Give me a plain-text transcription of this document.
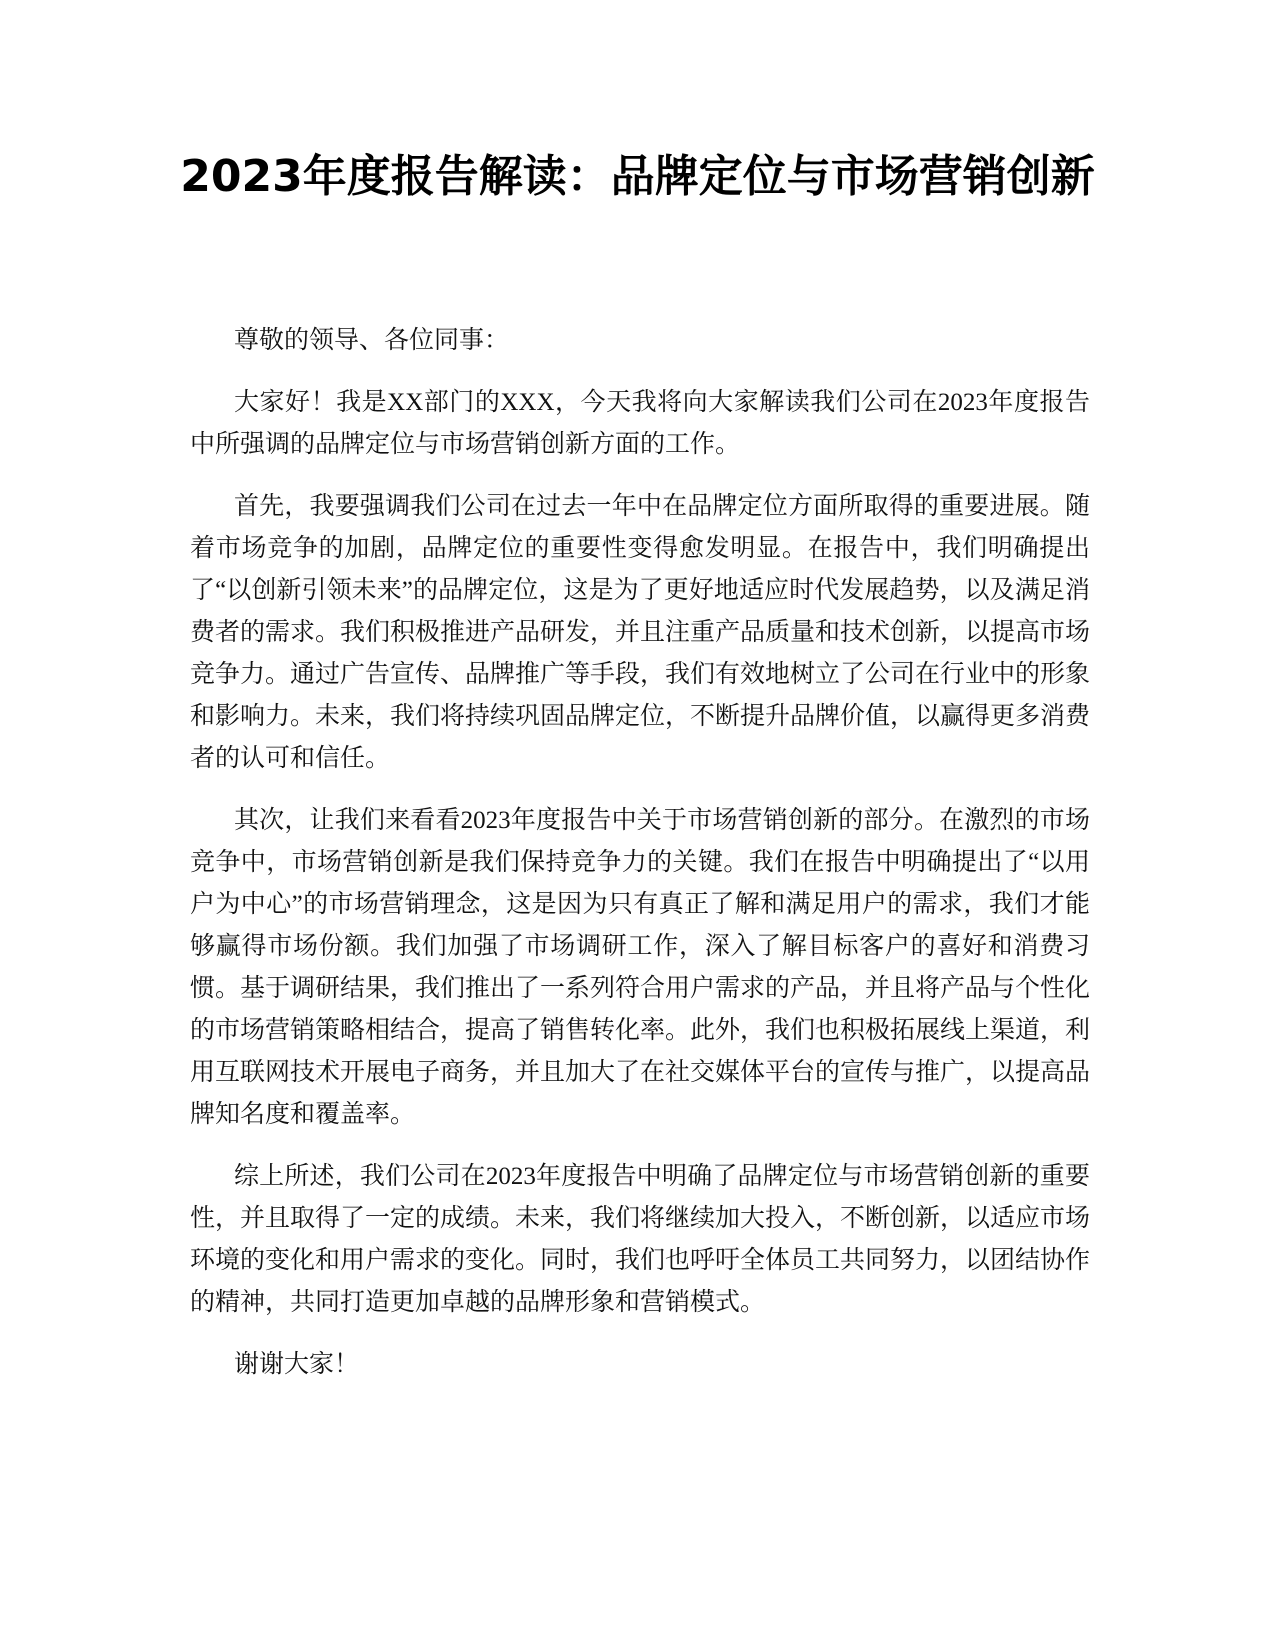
2023年度报告解读：品牌定位与市场营销创新

尊敬的领导、各位同事：

大家好！我是XX部门的XXX，今天我将向大家解读我们公司在2023年度报告中所强调的品牌定位与市场营销创新方面的工作。

首先，我要强调我们公司在过去一年中在品牌定位方面所取得的重要进展。随着市场竞争的加剧，品牌定位的重要性变得愈发明显。在报告中，我们明确提出了“以创新引领未来”的品牌定位，这是为了更好地适应时代发展趋势，以及满足消费者的需求。我们积极推进产品研发，并且注重产品质量和技术创新，以提高市场竞争力。通过广告宣传、品牌推广等手段，我们有效地树立了公司在行业中的形象和影响力。未来，我们将持续巩固品牌定位，不断提升品牌价值，以赢得更多消费者的认可和信任。

其次，让我们来看看2023年度报告中关于市场营销创新的部分。在激烈的市场竞争中，市场营销创新是我们保持竞争力的关键。我们在报告中明确提出了“以用户为中心”的市场营销理念，这是因为只有真正了解和满足用户的需求，我们才能够赢得市场份额。我们加强了市场调研工作，深入了解目标客户的喜好和消费习惯。基于调研结果，我们推出了一系列符合用户需求的产品，并且将产品与个性化的市场营销策略相结合，提高了销售转化率。此外，我们也积极拓展线上渠道，利用互联网技术开展电子商务，并且加大了在社交媒体平台的宣传与推广，以提高品牌知名度和覆盖率。

综上所述，我们公司在2023年度报告中明确了品牌定位与市场营销创新的重要性，并且取得了一定的成绩。未来，我们将继续加大投入，不断创新，以适应市场环境的变化和用户需求的变化。同时，我们也呼吁全体员工共同努力，以团结协作的精神，共同打造更加卓越的品牌形象和营销模式。

谢谢大家！
